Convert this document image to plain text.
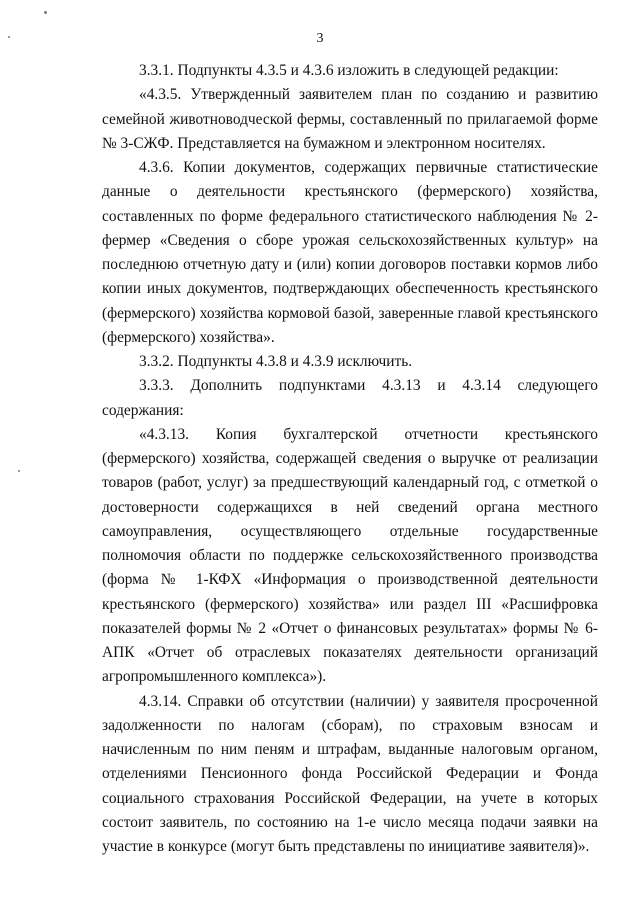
3

3.3.1. Подпункты 4.3.5 и 4.3.6 изложить в следующей редакции:

«4.3.5. Утвержденный заявителем план по созданию и развитию семейной животноводческой фермы, составленный по прилагаемой форме № 3-СЖФ. Представляется на бумажном и электронном носителях.

4.3.6. Копии документов, содержащих первичные статистические данные о деятельности крестьянского (фермерского) хозяйства, составленных по форме федерального статистического наблюдения № 2-фермер «Сведения о сборе урожая сельскохозяйственных культур» на последнюю отчетную дату и (или) копии договоров поставки кормов либо копии иных документов, подтверждающих обеспеченность крестьянского (фермерского) хозяйства кормовой базой, заверенные главой крестьянского (фермерского) хозяйства».

3.3.2. Подпункты 4.3.8 и 4.3.9 исключить.

3.3.3. Дополнить подпунктами 4.3.13 и 4.3.14 следующего содержания:

«4.3.13. Копия бухгалтерской отчетности крестьянского (фермерского) хозяйства, содержащей сведения о выручке от реализации товаров (работ, услуг) за предшествующий календарный год, с отметкой о достоверности содержащихся в ней сведений органа местного самоуправления, осуществляющего отдельные государственные полномочия области по поддержке сельскохозяйственного производства (форма № 1-КФХ «Информация о производственной деятельности крестьянского (фермерского) хозяйства» или раздел III «Расшифровка показателей формы № 2 «Отчет о финансовых результатах» формы № 6-АПК «Отчет об отраслевых показателях деятельности организаций агропромышленного комплекса»).

4.3.14. Справки об отсутствии (наличии) у заявителя просроченной задолженности по налогам (сборам), по страховым взносам и начисленным по ним пеням и штрафам, выданные налоговым органом, отделениями Пенсионного фонда Российской Федерации и Фонда социального страхования Российской Федерации, на учете в которых состоит заявитель, по состоянию на 1-е число месяца подачи заявки на участие в конкурсе (могут быть представлены по инициативе заявителя)».
